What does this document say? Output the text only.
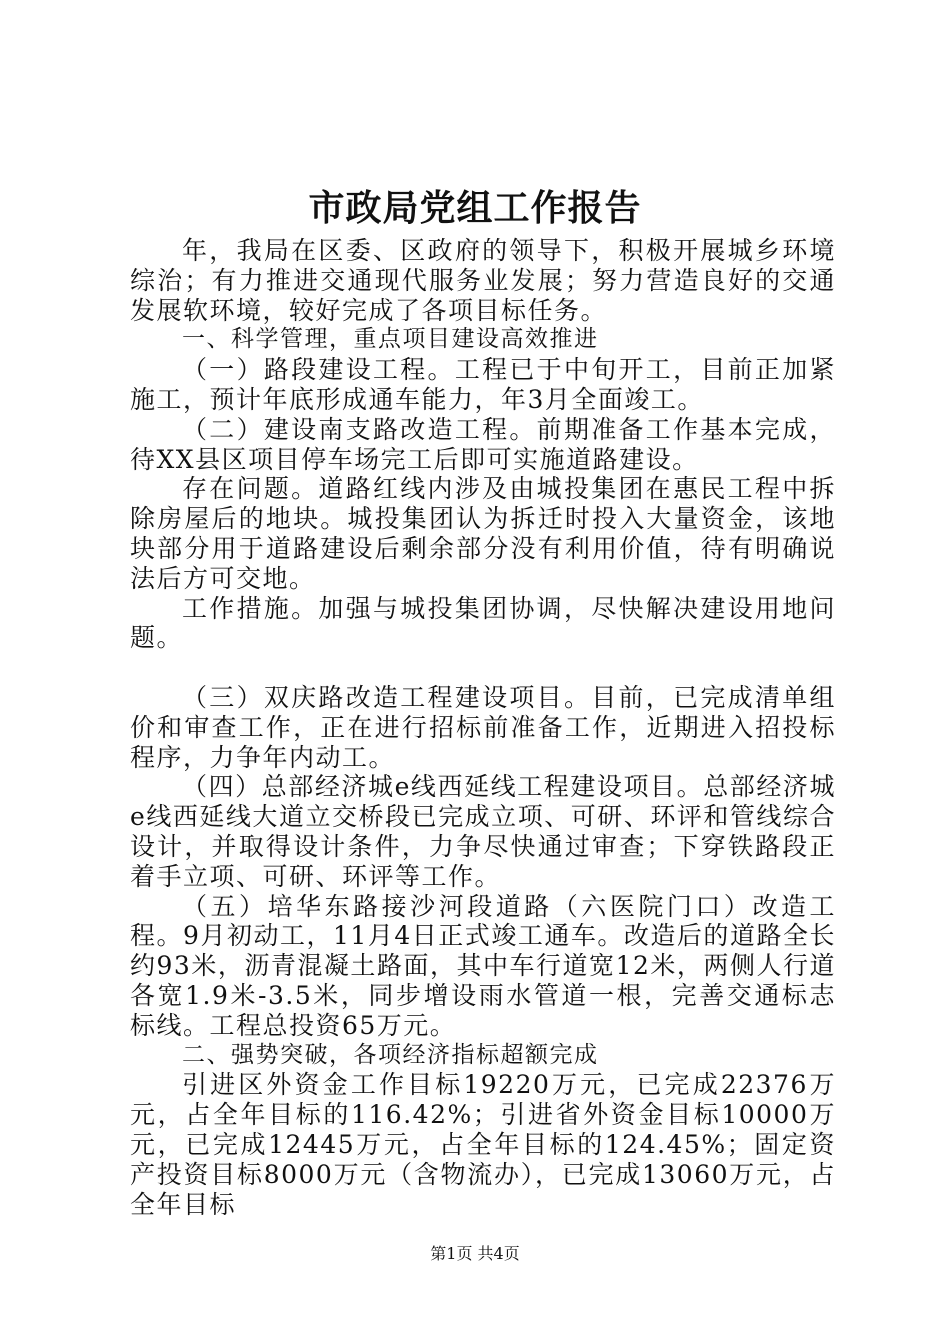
市政局党组工作报告

年，我局在区委、区政府的领导下，积极开展城乡环境综治；有力推进交通现代服务业发展；努力营造良好的交通发展软环境，较好完成了各项目标任务。

一、科学管理，重点项目建设高效推进

（一）路段建设工程。工程已于中旬开工，目前正加紧施工，预计年底形成通车能力，年3月全面竣工。

（二）建设南支路改造工程。前期准备工作基本完成，待XX县区项目停车场完工后即可实施道路建设。

存在问题。道路红线内涉及由城投集团在惠民工程中拆除房屋后的地块。城投集团认为拆迁时投入大量资金，该地块部分用于道路建设后剩余部分没有利用价值，待有明确说法后方可交地。

工作措施。加强与城投集团协调，尽快解决建设用地问题。

（三）双庆路改造工程建设项目。目前，已完成清单组价和审查工作，正在进行招标前准备工作，近期进入招投标程序，力争年内动工。

（四）总部经济城e线西延线工程建设项目。总部经济城e线西延线大道立交桥段已完成立项、可研、环评和管线综合设计，并取得设计条件，力争尽快通过审查；下穿铁路段正着手立项、可研、环评等工作。

（五）培华东路接沙河段道路（六医院门口）改造工程。9月初动工，11月4日正式竣工通车。改造后的道路全长约93米，沥青混凝土路面，其中车行道宽12米，两侧人行道各宽1.9米-3.5米，同步增设雨水管道一根，完善交通标志标线。工程总投资65万元。

二、强势突破，各项经济指标超额完成

引进区外资金工作目标19220万元，已完成22376万元，占全年目标的116.42%；引进省外资金目标10000万元，已完成12445万元，占全年目标的124.45%；固定资产投资目标8000万元（含物流办），已完成13060万元，占全年目标

第1页 共4页
